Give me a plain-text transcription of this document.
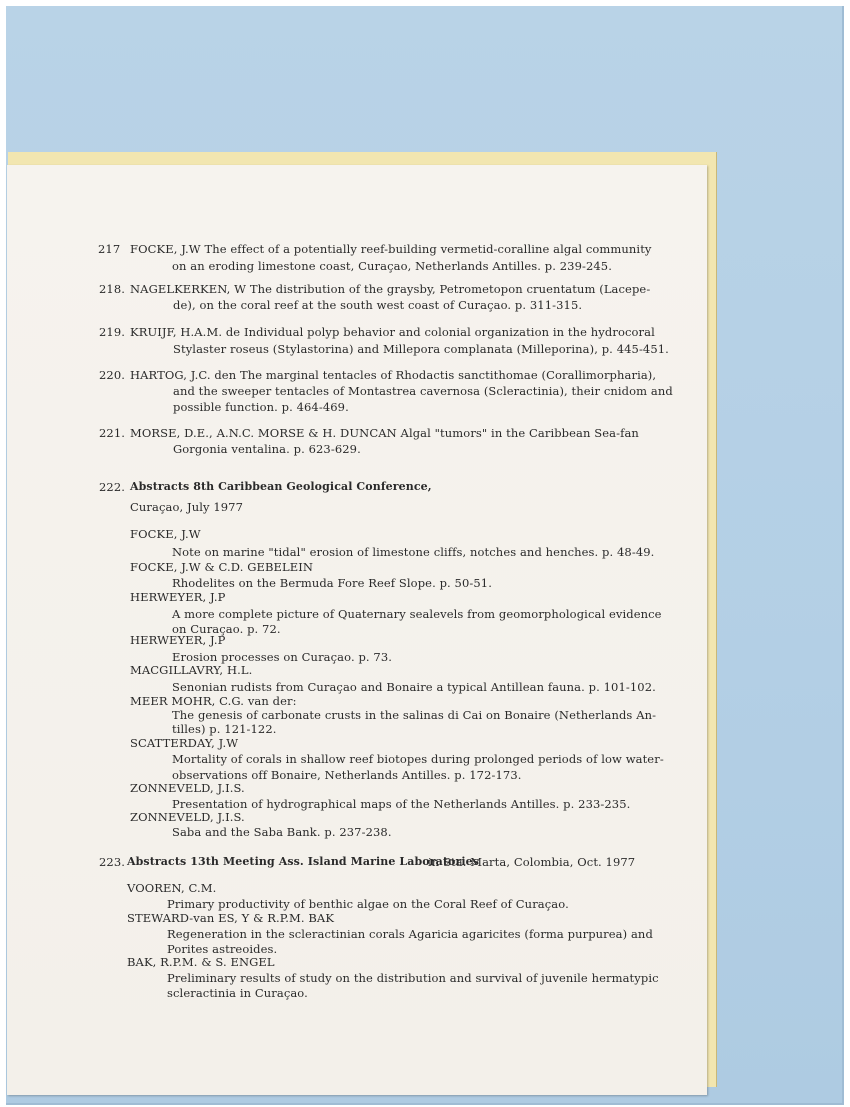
217 FOCKE, J.W The effect of a potentially reef-building vermetid-coralline algal community
on an eroding limestone coast, Curaçao, Netherlands Antilles. p. 239-245.
218. NAGELKERKEN, W The distribution of the graysby, Petrometopon cruentatum (Lacepe-
de), on the coral reef at the south west coast of Curaçao. p. 311-315.
219. KRUIJF, H.A.M. de Individual polyp behavior and colonial organization in the hydrocoral
Stylaster roseus (Stylastorina) and Millepora complanata (Milleporina), p. 445-451.
220. HARTOG, J.C. den The marginal tentacles of Rhodactis sanctithomae (Corallimorpharia),
and the sweeper tentacles of Montastrea cavernosa (Scleractinia), their cnidom and
possible function. p. 464-469.
221. MORSE, D.E., A.N.C. MORSE & H. DUNCAN Algal "tumors" in the Caribbean Sea-fan
Gorgonia ventalina. p. 623-629.
222. Abstracts 8th Caribbean Geological Conference,
Curaçao, July 1977
FOCKE, J.W
Note on marine "tidal" erosion of limestone cliffs, notches and henches. p. 48-49.
FOCKE, J.W & C.D. GEBELEIN
Rhodelites on the Bermuda Fore Reef Slope. p. 50-51.
HERWEYER, J.P
A more complete picture of Quaternary sealevels from geomorphological evidence
on Curaçao. p. 72.
HERWEYER, J.P
Erosion processes on Curaçao. p. 73.
MACGILLAVRY, H.L.
Senonian rudists from Curaçao and Bonaire a typical Antillean fauna. p. 101-102.
MEER MOHR, C.G. van der:
The genesis of carbonate crusts in the salinas di Cai on Bonaire (Netherlands An-
tilles) p. 121-122.
SCATTERDAY, J.W
Mortality of corals in shallow reef biotopes during prolonged periods of low water-
observations off Bonaire, Netherlands Antilles. p. 172-173.
ZONNEVELD, J.I.S.
Presentation of hydrographical maps of the Netherlands Antilles. p. 233-235.
ZONNEVELD, J.I.S.
Saba and the Saba Bank. p. 237-238.
223. Abstracts 13th Meeting Ass. Island Marine Laboratories
in Sta. Marta, Colombia, Oct. 1977
VOOREN, C.M.
Primary productivity of benthic algae on the Coral Reef of Curaçao.
STEWARD-van ES, Y & R.P.M. BAK
Regeneration in the scleractinian corals Agaricia agaricites (forma purpurea) and
Porites astreoides.
BAK, R.P.M. & S. ENGEL
Preliminary results of study on the distribution and survival of juvenile hermatypic
scleractinia in Curaçao.
